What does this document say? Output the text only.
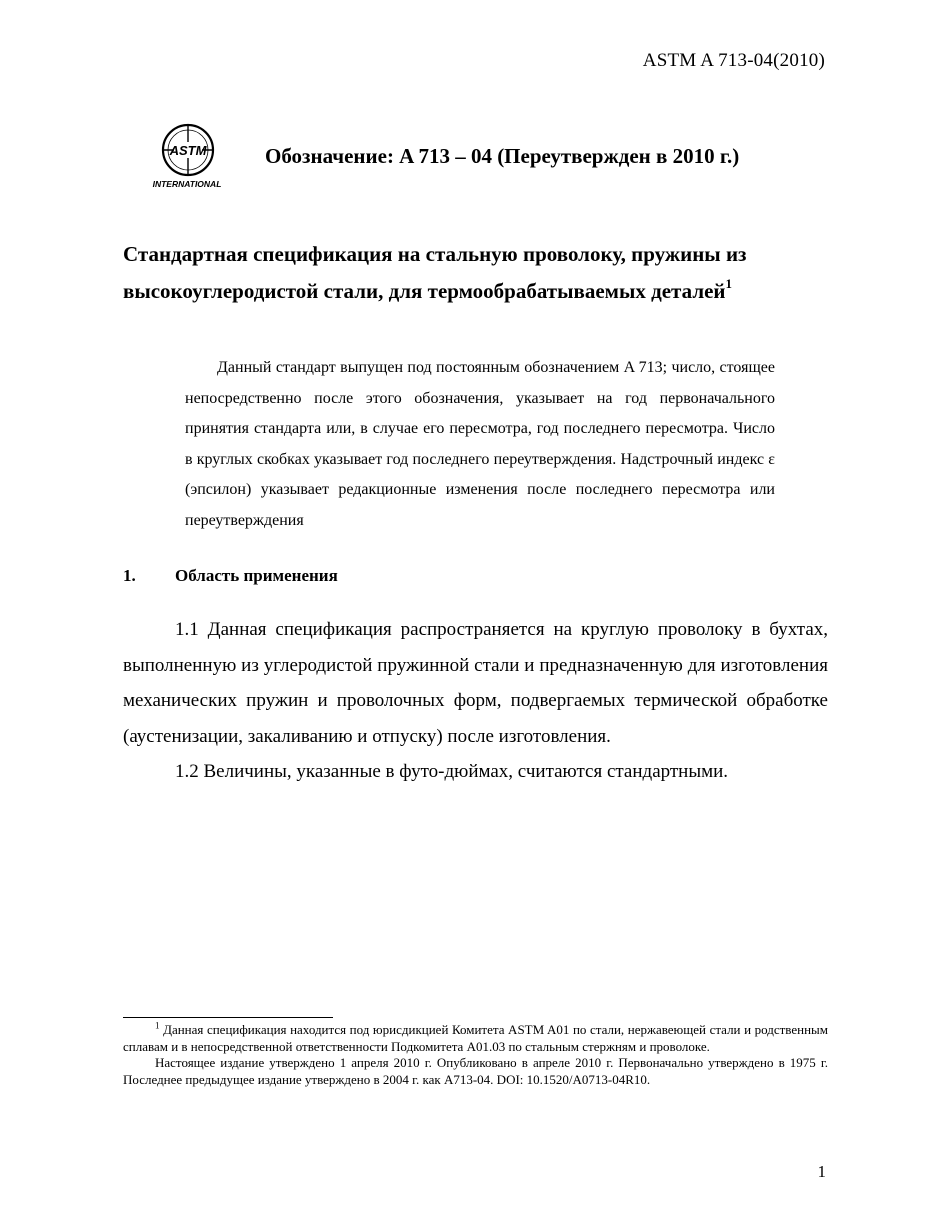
ASTM A 713-04(2010)
ASTM
INTERNATIONAL
Обозначение: A 713 – 04 (Переутвержден в 2010 г.)
Стандартная спецификация на стальную проволоку, пружины из высокоуглеродистой стали, для термообрабатываемых деталей$^1$
Данный стандарт выпущен под постоянным обозначением A 713; число, стоящее непосредственно после этого обозначения, указывает на год первоначального принятия стандарта или, в случае его пересмотра, год последнего пересмотра. Число в круглых скобках указывает год последнего переутверждения. Надстрочный индекс ε (эпсилон) указывает редакционные изменения после последнего пересмотра или переутверждения
1. Область применения

1.1 Данная спецификация распространяется на круглую проволоку в бухтах, выполненную из углеродистой пружинной стали и предназначенную для изготовления механических пружин и проволочных форм, подвергаемых термической обработке (аустенизации, закаливанию и отпуску) после изготовления.

1.2 Величины, указанные в футо-дюймах, считаются стандартными.

$^1$ Данная спецификация находится под юрисдикцией Комитета ASTM A01 по стали, нержавеющей стали и родственным сплавам и в непосредственной ответственности Подкомитета A01.03 по стальным стержням и проволоке.

Настоящее издание утверждено 1 апреля 2010 г. Опубликовано в апреле 2010 г. Первоначально утверждено в 1975 г. Последнее предыдущее издание утверждено в 2004 г. как A713-04. DOI: 10.1520/A0713-04R10.

1
